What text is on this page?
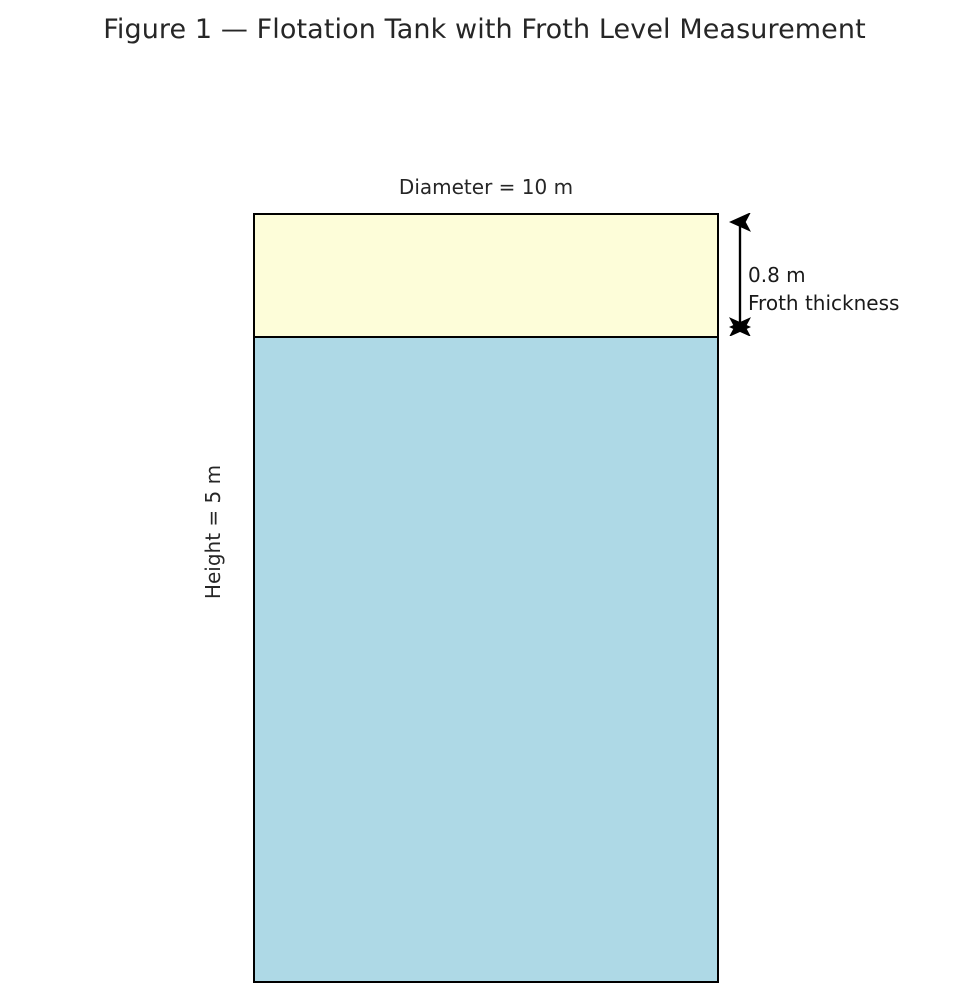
Figure 1 — Flotation Tank with Froth Level Measurement
Diameter = 10 m
Height = 5 m
0.8 m
Froth thickness
